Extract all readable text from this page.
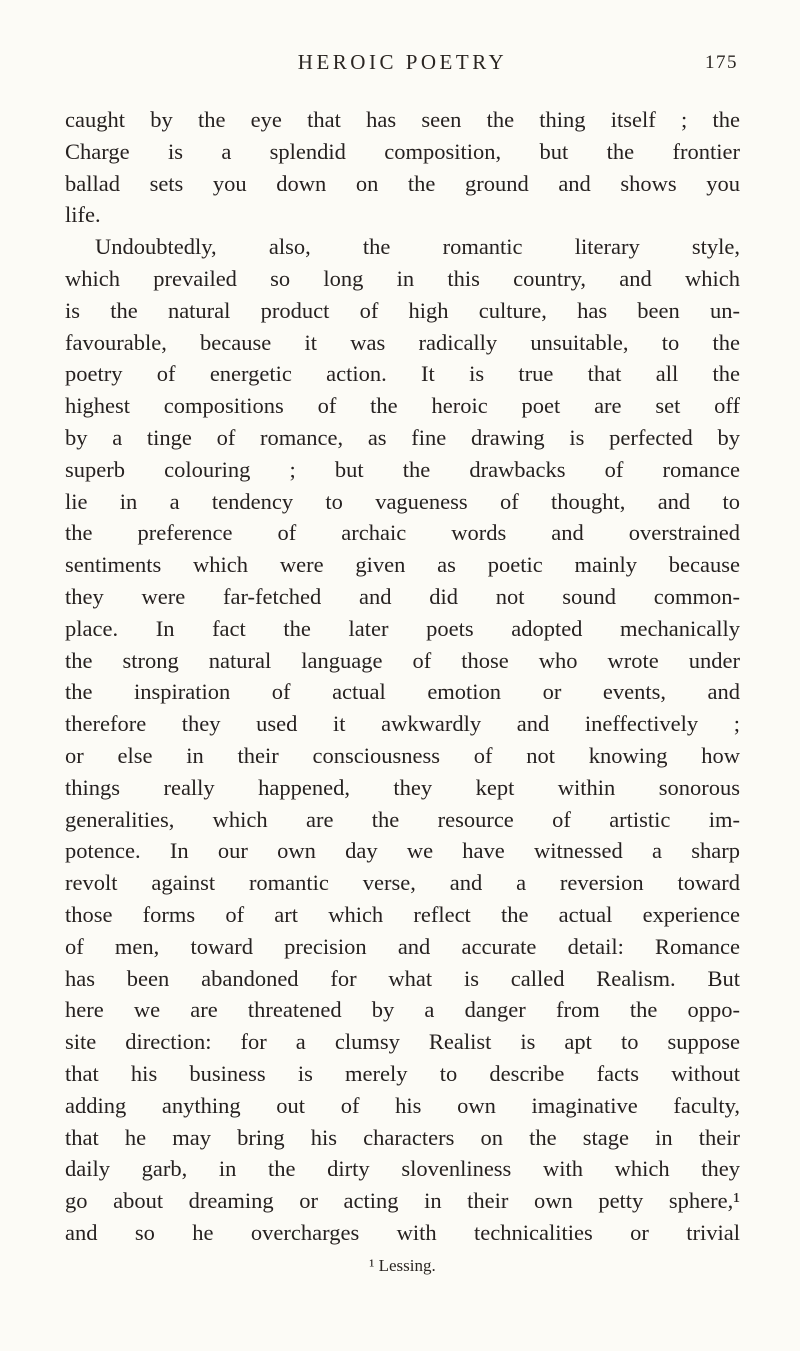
HEROIC POETRY	175
caught by the eye that has seen the thing itself ; the
Charge is a splendid composition, but the frontier
ballad sets you down on the ground and shows you
life.
Undoubtedly, also, the romantic literary style,
which prevailed so long in this country, and which
is the natural product of high culture, has been un-
favourable, because it was radically unsuitable, to the
poetry of energetic action. It is true that all the
highest compositions of the heroic poet are set off
by a tinge of romance, as fine drawing is perfected by
superb colouring ; but the drawbacks of romance
lie in a tendency to vagueness of thought, and to
the preference of archaic words and overstrained
sentiments which were given as poetic mainly because
they were far-fetched and did not sound common-
place. In fact the later poets adopted mechanically
the strong natural language of those who wrote under
the inspiration of actual emotion or events, and
therefore they used it awkwardly and ineffectively ;
or else in their consciousness of not knowing how
things really happened, they kept within sonorous
generalities, which are the resource of artistic im-
potence. In our own day we have witnessed a sharp
revolt against romantic verse, and a reversion toward
those forms of art which reflect the actual experience
of men, toward precision and accurate detail: Romance
has been abandoned for what is called Realism. But
here we are threatened by a danger from the oppo-
site direction: for a clumsy Realist is apt to suppose
that his business is merely to describe facts without
adding anything out of his own imaginative faculty,
that he may bring his characters on the stage in their
daily garb, in the dirty slovenliness with which they
go about dreaming or acting in their own petty sphere,¹
and so he overcharges with technicalities or trivial
¹ Lessing.
